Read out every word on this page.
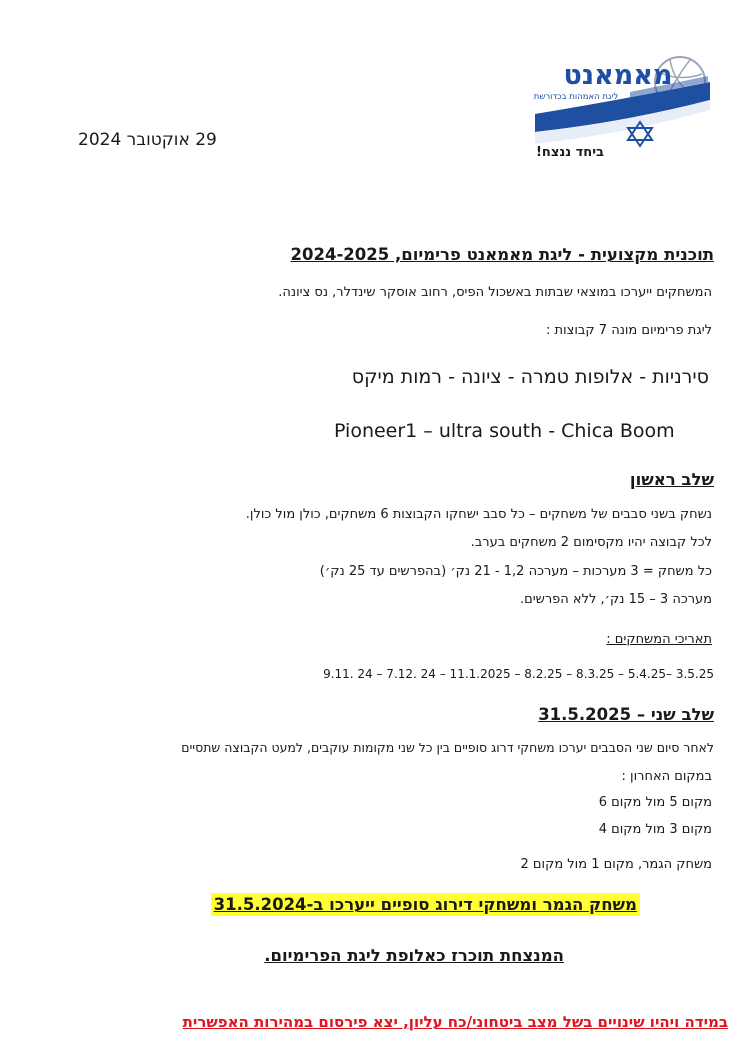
מאמאנט
ליגת האמהות בכדורשת
ביחד ננצח!
29 אוקטובר 2024
תוכנית מקצועית - ליגת מאמאנט פרימיום, 2024-2025
המשחקים ייערכו במוצאי שבתות באשכול הפיס, רחוב אוסקר שינדלר, נס ציונה.
ליגת פרימיום מונה 7 קבוצות :
סירניות - אלופות טמרה - ציונה - רמות מיקס
Pioneer1 – ultra south - Chica Boom
שלב ראשון
נשחק בשני סבבים של משחקים – כל סבב ישחקו הקבוצות 6 משחקים, כולן מול כולן.
לכל קבוצה יהיו מקסימום 2 משחקים בערב.
כל משחק = 3 מערכות – מערכה 1,2 - 21 נק׳ (בהפרשים עד 25 נק׳)
מערכה 3 – 15 נק׳, ללא הפרשים.
תאריכי המשחקים :
9.11. 24 – 7.12. 24 – 11.1.2025 – 8.2.25 – 8.3.25 – 5.4.25– 3.5.25
שלב שני – 31.5.2025
לאחר סיום שני הסבבים יערכו משחקי דרוג סופיים בין כל שני מקומות עוקבים, למעט הקבוצה שתסיים
במקום האחרון :
מקום 5 מול מקום 6
מקום 3 מול מקום 4
משחק הגמר, מקום 1 מול מקום 2
משחק הגמר ומשחקי דירוג סופיים ייערכו ב-31.5.2024
המנצחת תוכרז כאלופת ליגת הפרימיום.
במידה ויהיו שינויים בשל מצב ביטחוני/כח עליון, יצא פירסום במהירות האפשרית
